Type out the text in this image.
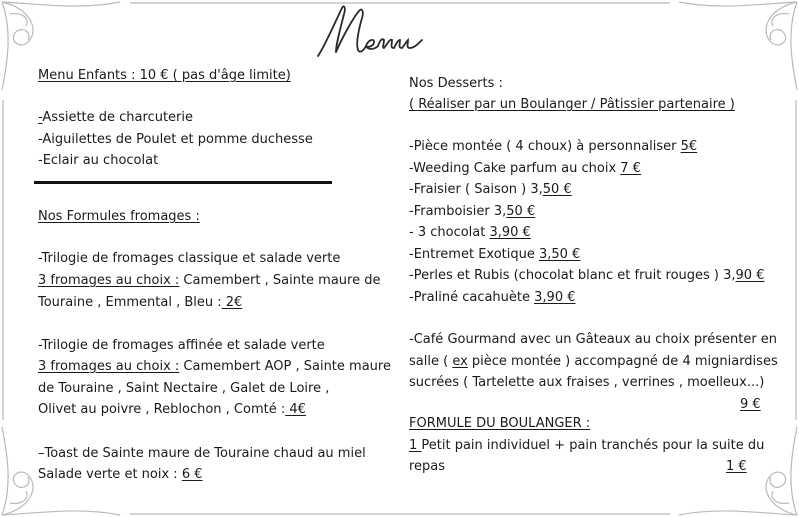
Menu Enfants : 10 € ( pas d'âge limite)
-Assiette de charcuterie
-Aiguilettes de Poulet et pomme duchesse
-Eclair au chocolat
Nos Formules fromages :
-Trilogie de fromages classique et salade verte
3 fromages au choix : Camembert , Sainte maure de
Touraine , Emmental , Bleu : 2€
-Trilogie de fromages affinée et salade verte
3 fromages au choix : Camembert AOP , Sainte maure
de Touraine , Saint Nectaire , Galet de Loire ,
Olivet au poivre , Reblochon , Comté : 4€
–Toast de Sainte maure de Touraine chaud au miel
Salade verte et noix : 6 €
Nos Desserts :
( Réaliser par un Boulanger / Pâtissier partenaire )
-Pièce montée ( 4 choux) à personnaliser 5€
-Weeding Cake parfum au choix 7 €
-Fraisier ( Saison ) 3,50 €
-Framboisier 3,50 €
- 3 chocolat 3,90 €
-Entremet Exotique 3,50 €
-Perles et Rubis (chocolat blanc et fruit rouges ) 3,90 €
-Praliné cacahuète 3,90 €
-Café Gourmand avec un Gâteaux au choix présenter en
salle ( ex pièce montée ) accompagné de 4 migniardises
sucrées ( Tartelette aux fraises , verrines , moelleux...)
9 €
FORMULE DU BOULANGER :
1 Petit pain individuel + pain tranchés pour la suite du
repas	1 €
